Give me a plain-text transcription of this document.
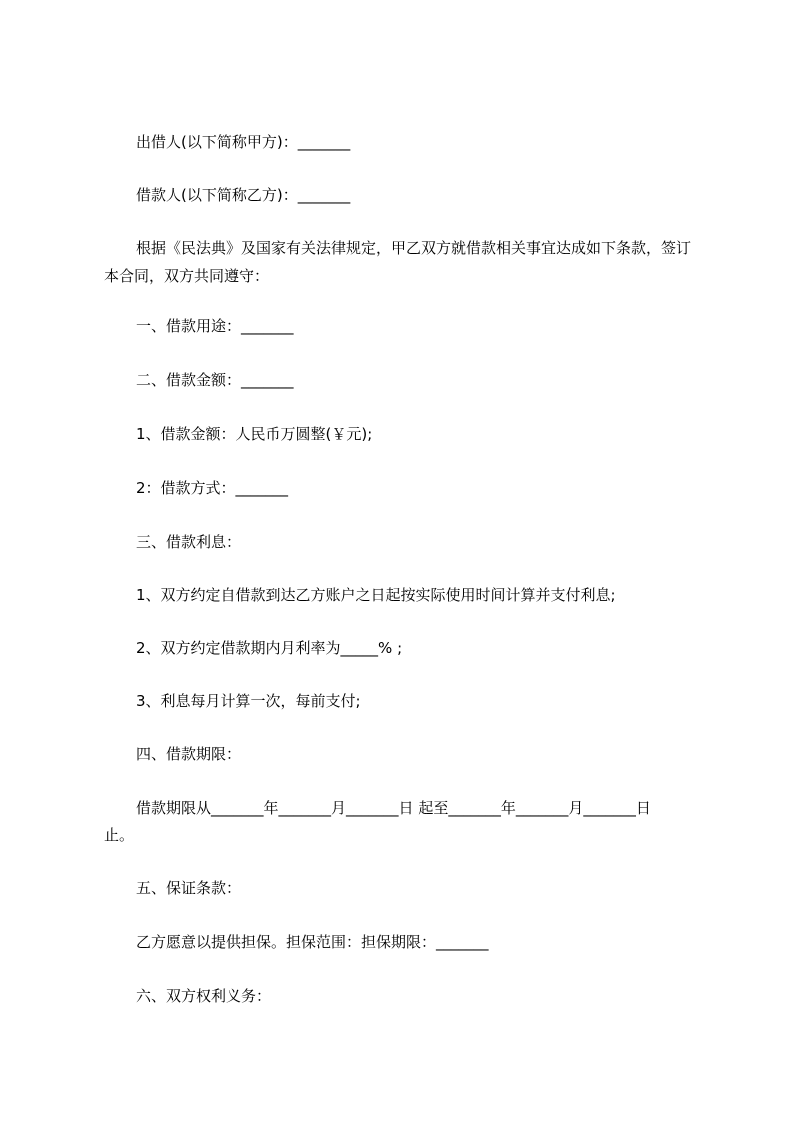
出借人(以下简称甲方)：_______
借款人(以下简称乙方)：_______
根据《民法典》及国家有关法律规定，甲乙双方就借款相关事宜达成如下条款，签订本合同，双方共同遵守：
一、借款用途：_______
二、借款金额：_______
1、借款金额：人民币万圆整(￥元);
2：借款方式：_______
三、借款利息：
1、双方约定自借款到达乙方账户之日起按实际使用时间计算并支付利息;
2、双方约定借款期内月利率为_____% ;
3、利息每月计算一次，每前支付;
四、借款期限：
借款期限从_______年_______月_______日 起至_______年_______月_______日
止。
五、保证条款：
乙方愿意以提供担保。担保范围：担保期限：_______
六、双方权利义务：
